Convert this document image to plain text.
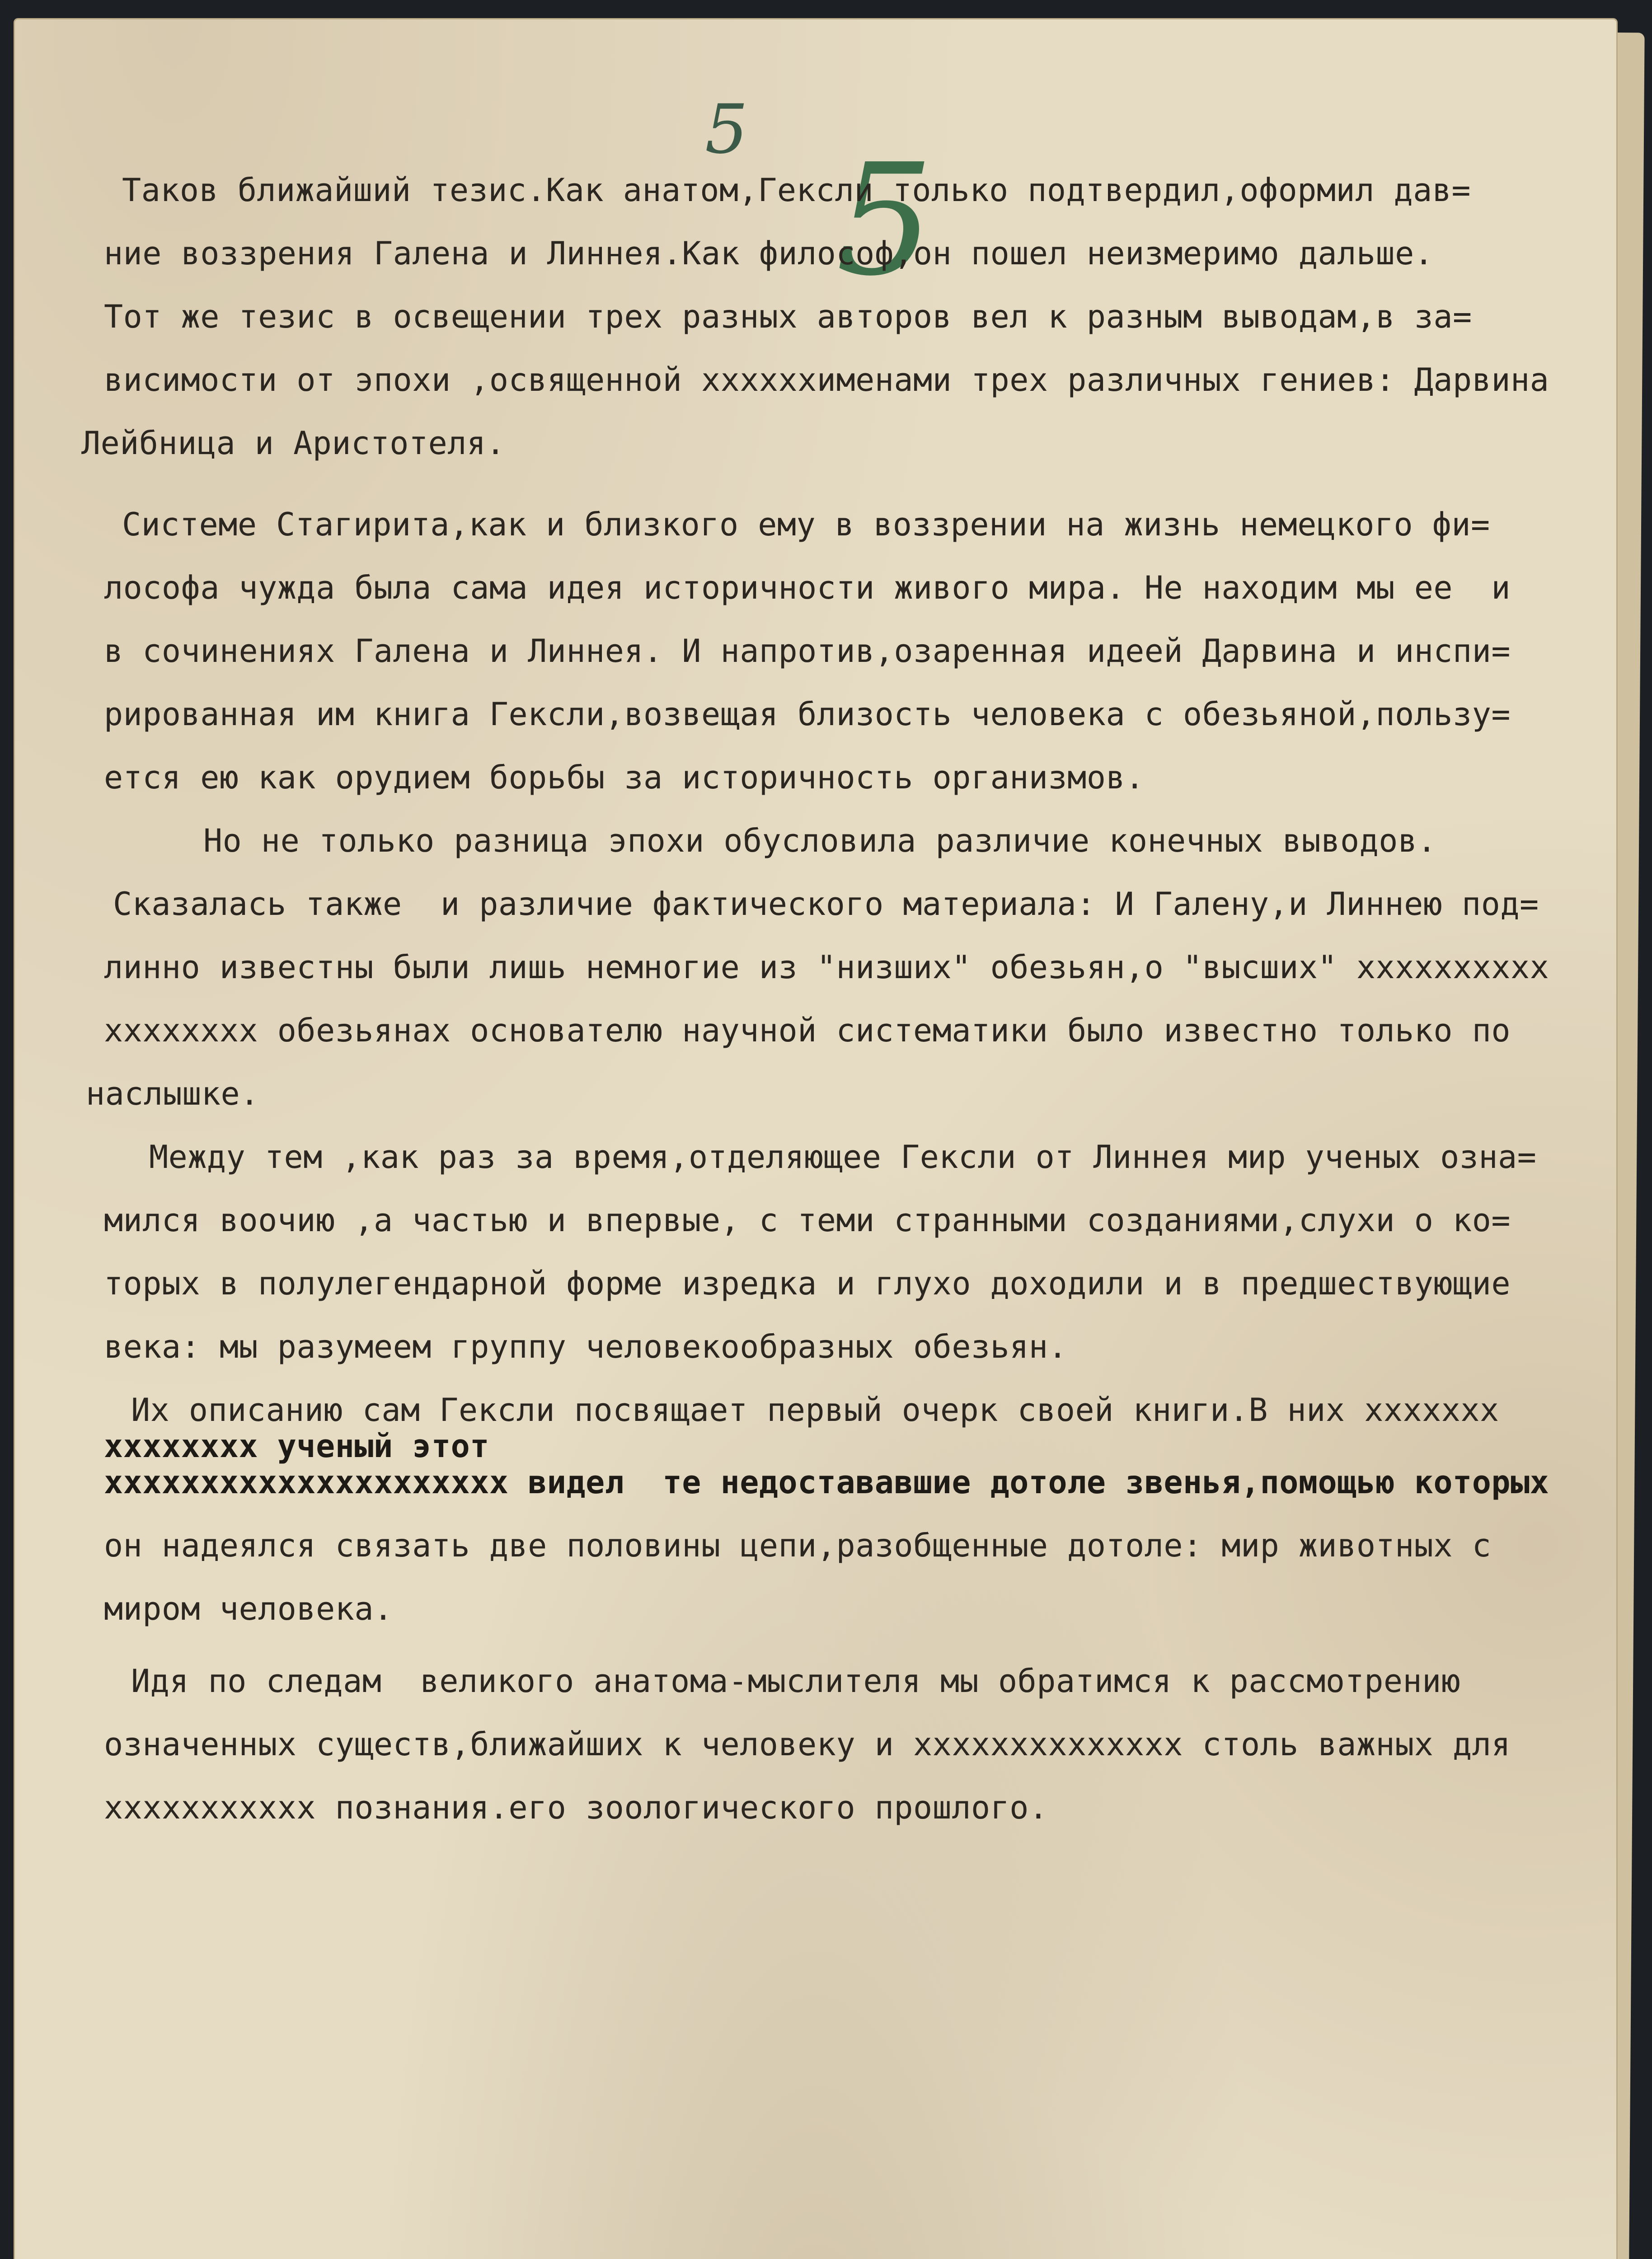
5
5
Таков ближайший тезис.Как анатом,Гексли только подтвердил,оформил дав=
ние воззрения Галена и Линнея.Как философ,он пошел неизмеримо дальше.
Тот же тезис в освещении трех разных авторов вел к разным выводам,в за=
висимости от эпохи ,освященной xxxxxxименами трех различных гениев: Дарвина
Лейбница и Аристотеля.
Системе Стагирита,как и близкого ему в воззрении на жизнь немецкого фи=
лософа чужда была сама идея историчности живого мира. Не находим мы ее  и
в сочинениях Галена и Линнея. И напротив,озаренная идеей Дарвина и инспи=
рированная им книга Гексли,возвещая близость человека с обезьяной,пользу=
ется ею как орудием борьбы за историчность организмов.
Но не только разница эпохи обусловила различие конечных выводов.
Сказалась также  и различие фактического материала: И Галену,и Линнею под=
линно известны были лишь немногие из "низших" обезьян,о "высших" xxxxxxxxxx
xxxxxxxx обезьянах основателю научной систематики было известно только по
наслышке.
Между тем ,как раз за время,отделяющее Гексли от Линнея мир ученых озна=
мился воочию ,а частью и впервые, с теми странными созданиями,слухи о ко=
торых в полулегендарной форме изредка и глухо доходили и в предшествующие
века: мы разумеем группу человекообразных обезьян.
Их описанию сам Гексли посвящает первый очерк своей книги.В них xxxxxxx
xxxxxxxx ученый этот
xxxxxxxxxxxxxxxxxxxxx видел  те недостававшие дотоле звенья,помощью которых
он надеялся связать две половины цепи,разобщенные дотоле: мир животных с
миром человека.
Идя по следам  великого анатома-мыслителя мы обратимся к рассмотрению
означенных существ,ближайших к человеку и xxxxxxxxxxxxxx столь важных для
xxxxxxxxxxx познания.его зоологического прошлого.
